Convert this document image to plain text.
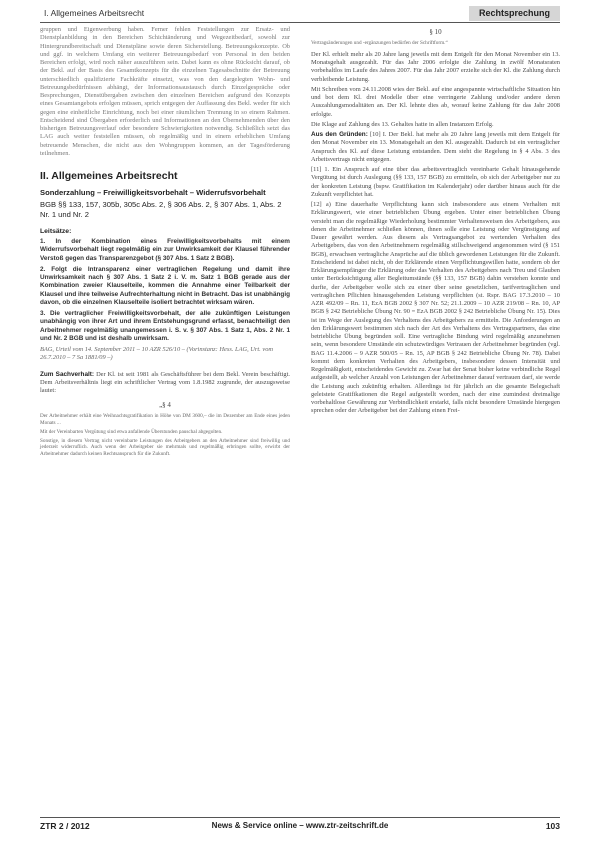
I. Allgemeines Arbeitsrecht	Rechtsprechung

gruppen und Eigenwerbung haben. Ferner fehlen Feststellungen zur Ersatz- und Dienstplanbildung in den Bereichen Schichtänderung und Wegezeitbedarf, sowohl zur Hintergrundbereitschaft und Dienstpläne sowie deren Sicherstellung. Betreuungskonzepte. Ob und ggf. in welchem Umfang ein weiterer Betreuungsbedarf von Personal in den beiden Bereichen erfolgt, wird noch näher auszuführen sein. Dabei kann es ohne Rücksicht darauf, ob der Bekl. auf der Basis des Gesamtkonzepts für die einzelnen Tagesabschnitte der Betreuung unterschiedlich qualifizierte Fachkräfte einsetzt, was von den dargelegten Wohn- und Betreuungsbedürfnissen abhängt, der Informationsaustausch durch Einzelgespräche oder Besprechungen, Dienstübergaben zwischen den einzelnen Bereichen aufgrund des Konzepts eines Gesamtangebots erfolgen müssen, sprich entgegen der Auffassung des Bekl. weder für sich gegen eine einheitliche Einrichtung, noch bei einer räumlichen Trennung in so einem Rahmen. Entscheidend sind Übergaben erforderlich und Informationen an den Übernehmenden über den bisherigen Betreuungsverlauf oder besondere Schwierigkeiten notwendig. Schließlich setzt das LAG auch weiter feststellen müssen, ob regelmäßig und in einem erheblichen Umfang betreuende Menschen, die nicht aus den Wohngruppen kommen, an der Tagesförderung teilnehmen.

II. Allgemeines Arbeitsrecht
Sonderzahlung – Freiwilligkeitsvorbehalt – Widerrufsvorbehalt
BGB §§ 133, 157, 305b, 305c Abs. 2, § 306 Abs. 2, § 307 Abs. 1, Abs. 2 Nr. 1 und Nr. 2
Leitsätze:
1. In der Kombination eines Freiwilligkeitsvorbehalts mit einem Widerrufsvorbehalt liegt regelmäßig ein zur Unwirksamkeit der Klausel führender Verstoß gegen das Transparenzgebot (§ 307 Abs. 1 Satz 2 BGB).
2. Folgt die Intransparenz einer vertraglichen Regelung und damit ihre Unwirksamkeit nach § 307 Abs. 1 Satz 2 i. V. m. Satz 1 BGB gerade aus der Kombination zweier Klauselteile, kommen die Annahme einer Teilbarkeit der Klausel und ihre teilweise Aufrechterhaltung nicht in Betracht. Das ist unabhängig davon, ob die einzelnen Klauselteile isoliert betrachtet wirksam wären.
3. Die vertraglicher Freiwilligkeitsvorbehalt, der alle zukünftigen Leistungen unabhängig von ihrer Art und ihrem Entstehungsgrund erfasst, benachteiligt den Arbeitnehmer regelmäßig unangemessen i. S. v. § 307 Abs. 1 Satz 1, Abs. 2 Nr. 1 und Nr. 2 BGB und ist deshalb unwirksam.
BAG, Urteil vom 14. September 2011 – 10 AZR 526/10 – (Vorinstanz: Hess. LAG, Urt. vom 26.7.2010 – 7 Sa 1881/09 –)
Zum Sachverhalt: Der Kl. ist seit 1981 als Geschäftsführer bei dem Bekl. Verein beschäftigt. Dem Arbeitsverhältnis liegt ein schriftlicher Vertrag vom 1.8.1982 zugrunde, der auszugsweise lautet:
„§ 4

Der Arbeitnehmer erhält eine Weihnachtsgratifikation in Höhe von DM 3600,– die im Dezember am Ende eines jeden Monats ...

Mit der Vereinbarten Vergütung sind etwa anfallende Überstunden pauschal abgegolten.

Sonstige, in diesem Vertrag nicht vereinbarte Leistungen des Arbeitgebers an den Arbeitnehmer sind freiwillig und jederzeit widerruflich. Auch wenn der Arbeitgeber sie mehrmals und regelmäßig erbringen sollte, erwirbt der Arbeitnehmer dadurch keinen Rechtsanspruch für die Zukunft.

§ 10
Vertragsänderungen und -ergänzungen bedürfen der Schriftform.“

Der Kl. erhielt mehr als 20 Jahre lang jeweils mit dem Entgelt für den Monat November ein 13. Monatsgehalt ausgezahlt. Für das Jahr 2006 erfolgte die Zahlung in zwölf Monatsraten vorbehaltlos im Laufe des Jahres 2007. Für das Jahr 2007 erzielte sich der Kl. die Zahlung durch verbleibende Leistung.

Mit Schreiben vom 24.11.2008 wies der Bekl. auf eine angespannte wirtschaftliche Situation hin und bot dem Kl. drei Modelle über eine verringerte Zahlung und/oder andere deren Auszahlungsmodalitäten an. Der Kl. lehnte dies ab, worauf keine Zahlung für das Jahr 2008 erfolgte.

Die Klage auf Zahlung des 13. Gehaltes hatte in allen Instanzen Erfolg.

Aus den Gründen: [10] I. Der Bekl. hat mehr als 20 Jahre lang jeweils mit dem Entgelt für den Monat November ein 13. Monatsgehalt an den Kl. ausgezahlt. Dadurch ist ein vertraglicher Anspruch des Kl. auf diese Leistung entstanden. Dem steht die Regelung in § 4 Abs. 3 des Arbeitsvertrags nicht entgegen.

[11] 1. Ein Anspruch auf eine über das arbeitsvertraglich vereinbarte Gehalt hinausgehende Vergütung ist durch Auslegung (§§ 133, 157 BGB) zu ermitteln, ob sich der Arbeitgeber nur zu der konkreten Leistung (bspw. Gratifikation im Kalenderjahr) oder darüber hinaus auch für die Zukunft verpflichtet hat.

[12] a) Eine dauerhafte Verpflichtung kann sich insbesondere aus einem Verhalten mit Erklärungswert, wie einer betrieblichen Übung ergeben. Unter einer betrieblichen Übung versteht man die regelmäßige Wiederholung bestimmter Verhaltensweisen des Arbeitgebers, aus denen die Arbeitnehmer schließen können, ihnen solle eine Leistung oder Vergünstigung auf Dauer gewährt werden. Aus diesem als Vertragsangebot zu wertenden Verhalten des Arbeitgebers, das von den Arbeitnehmern regelmäßig stillschweigend angenommen wird (§ 151 BGB), erwachsen vertragliche Ansprüche auf die üblich gewordenen Leistungen für die Zukunft. Entscheidend ist dabei nicht, ob der Erklärende einen Verpflichtungswillen hatte, sondern ob der Erklärungsempfänger die Erklärung oder das Verhalten des Arbeitgebers nach Treu und Glauben unter Berücksichtigung aller Begleitumstände (§§ 133, 157 BGB) dahin verstehen konnte und durfte, der Arbeitgeber wolle sich zu einer über seine gesetzlichen, tarifvertraglichen und vertraglichen Pflichten hinausgehenden Leistung verpflichten (st. Rspr. BAG 17.3.2010 – 10 AZR 492/09 – Rn. 11, EzA BGB 2002 § 307 Nr. 52; 21.1.2009 – 10 AZR 219/08 – Rn. 10, AP BGB § 242 Betriebliche Übung Nr. 90 = EzA BGB 2002 § 242 Betriebliche Übung Nr. 15). Dies ist im Wege der Auslegung des Verhaltens des Arbeitgebers zu ermitteln. Die Anforderungen an den Erklärungswert bestimmen sich nach der Art des Verhaltens des Vertragspartners, das eine betriebliche Übung begründen soll. Eine vertragliche Bindung wird regelmäßig anzunehmen sein, wenn besondere Umstände ein schutzwürdiges Vertrauen der Arbeitnehmer begründen (vgl. BAG 11.4.2006 – 9 AZR 500/05 – Rn. 15, AP BGB § 242 Betriebliche Übung Nr. 78). Dabei kommt dem konkreten Verhalten des Arbeitgebers, insbesondere dessen Intensität und Regelmäßigkeit, entscheidendes Gewicht zu. Zwar hat der Senat bisher keine verbindliche Regel aufgestellt, ab welcher Anzahl von Leistungen der Arbeitnehmer darauf vertrauen darf, sie werde die Leistung auch zukünftig erhalten. Allerdings ist für jährlich an die gesamte Belegschaft geleistete Gratifikationen die Regel aufgestellt worden, nach der eine zumindest dreimalige vorbehaltlose Gewährung zur Verbindlichkeit erstarkt, falls nicht besondere Umstände hiergegen sprechen oder der Arbeitgeber bei der Zahlung einen Frei-

ZTR 2 / 2012	News & Service online – www.ztr-zeitschrift.de	103
